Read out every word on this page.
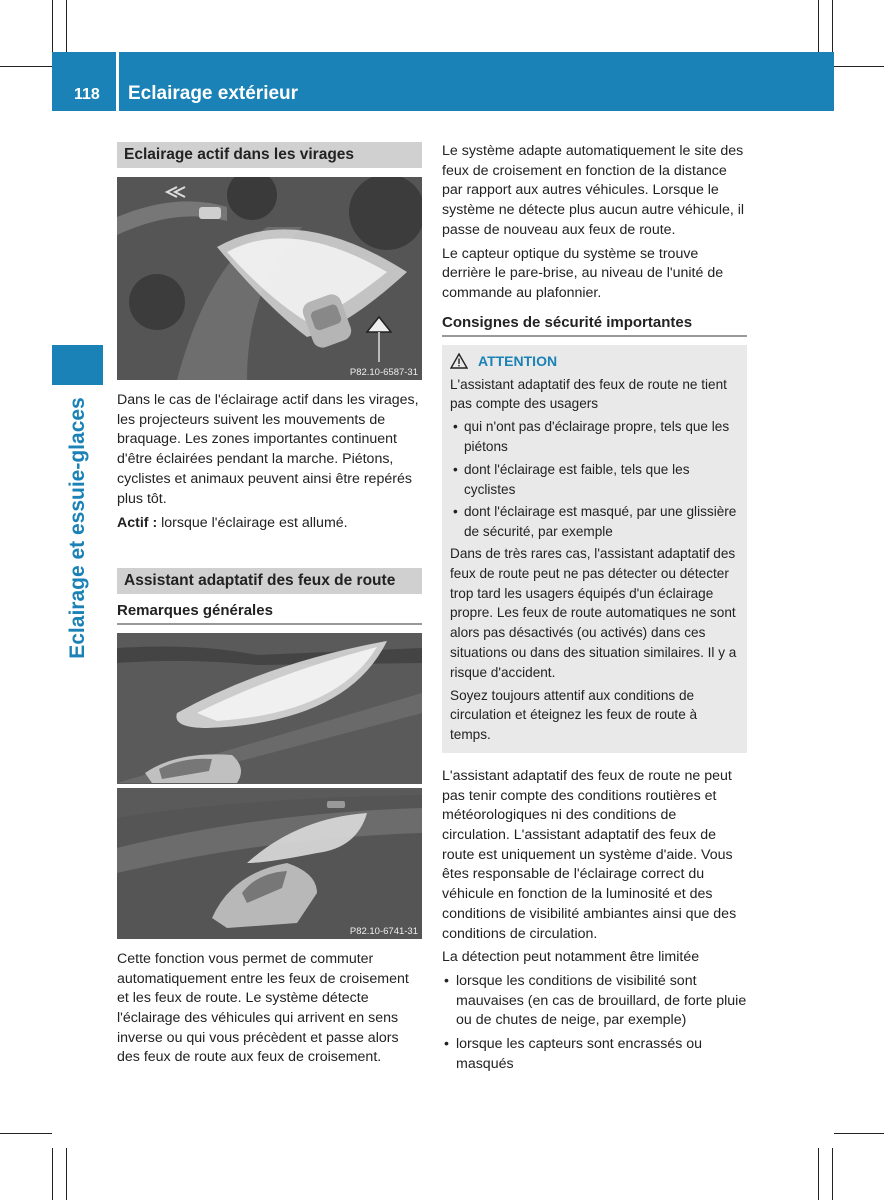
118 Eclairage extérieur
Eclairage et essuie-glaces
Eclairage actif dans les virages
P82.10-6587-31

Dans le cas de l'éclairage actif dans les virages, les projecteurs suivent les mouvements de braquage. Les zones importantes continuent d'être éclairées pendant la marche. Piétons, cyclistes et animaux peuvent ainsi être repérés plus tôt.

Actif : lorsque l'éclairage est allumé.

Assistant adaptatif des feux de route
Remarques générales
P82.10-6741-31

Cette fonction vous permet de commuter automatiquement entre les feux de croisement et les feux de route. Le système détecte l'éclairage des véhicules qui arrivent en sens inverse ou qui vous précèdent et passe alors des feux de route aux feux de croisement.

Le système adapte automatiquement le site des feux de croisement en fonction de la distance par rapport aux autres véhicules. Lorsque le système ne détecte plus aucun autre véhicule, il passe de nouveau aux feux de route.

Le capteur optique du système se trouve derrière le pare-brise, au niveau de l'unité de commande au plafonnier.

Consignes de sécurité importantes
ATTENTION

L'assistant adaptatif des feux de route ne tient pas compte des usagers

• qui n'ont pas d'éclairage propre, tels que les piétons
• dont l'éclairage est faible, tels que les cyclistes
• dont l'éclairage est masqué, par une glissière de sécurité, par exemple

Dans de très rares cas, l'assistant adaptatif des feux de route peut ne pas détecter ou détecter trop tard les usagers équipés d'un éclairage propre. Les feux de route automatiques ne sont alors pas désactivés (ou activés) dans ces situations ou dans des situation similaires. Il y a risque d'accident.

Soyez toujours attentif aux conditions de circulation et éteignez les feux de route à temps.

L'assistant adaptatif des feux de route ne peut pas tenir compte des conditions routières et météorologiques ni des conditions de circulation. L'assistant adaptatif des feux de route est uniquement un système d'aide. Vous êtes responsable de l'éclairage correct du véhicule en fonction de la luminosité et des conditions de visibilité ambiantes ainsi que des conditions de circulation.

La détection peut notamment être limitée

• lorsque les conditions de visibilité sont mauvaises (en cas de brouillard, de forte pluie ou de chutes de neige, par exemple)
• lorsque les capteurs sont encrassés ou masqués
